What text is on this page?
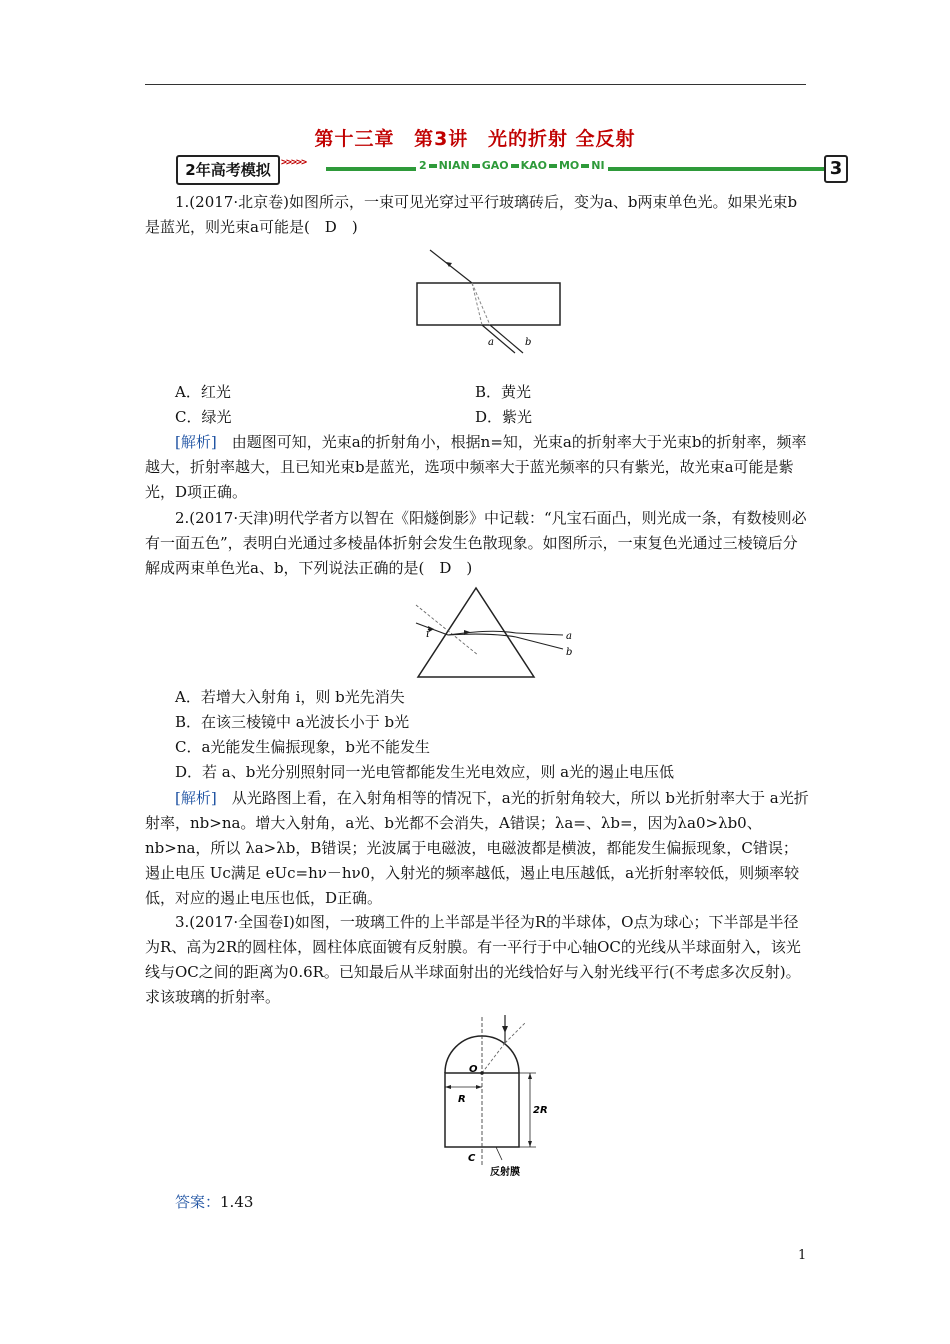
第十三章 第3讲 光的折射 全反射
2年高考模拟	>>>>>	2 NIAN GAO KAO MO NI	3

1.(2017·北京卷)如图所示，一束可见光穿过平行玻璃砖后，变为a、b两束单色光。如果光束b是蓝光，则光束a可能是(　D　)

a	b
A．红光	B．黄光
C．绿光	D．紫光

[解析]　由题图可知，光束a的折射角小，根据n=知，光束a的折射率大于光束b的折射率，频率越大，折射率越大，且已知光束b是蓝光，选项中频率大于蓝光频率的只有紫光，故光束a可能是紫光，D项正确。

2.(2017·天津)明代学者方以智在《阳燧倒影》中记载：“凡宝石面凸，则光成一条，有数棱则必有一面五色”，表明白光通过多棱晶体折射会发生色散现象。如图所示，一束复色光通过三棱镜后分解成两束单色光a、b，下列说法正确的是(　D　)

i	a
b
A．若增大入射角 i，则 b光先消失
B．在该三棱镜中 a光波长小于 b光
C．a光能发生偏振现象，b光不能发生
D．若 a、b光分别照射同一光电管都能发生光电效应，则 a光的遏止电压低

[解析]　从光路图上看，在入射角相等的情况下，a光的折射角较大，所以 b光折射率大于 a光折射率，nb>na。增大入射角，a光、b光都不会消失，A错误；λa=、λb=，因为λa0>λb0、nb>na，所以 λa>λb，B错误；光波属于电磁波，电磁波都是横波，都能发生偏振现象，C错误；遏止电压 Uc满足 eUc=hν－hν0，入射光的频率越低，遏止电压越低，a光折射率较低，则频率较低，对应的遏止电压也低，D正确。

3.(2017·全国卷Ⅰ)如图，一玻璃工件的上半部是半径为R的半球体，O点为球心；下半部是半径为R、高为2R的圆柱体，圆柱体底面镀有反射膜。有一平行于中心轴OC的光线从半球面射入，该光线与OC之间的距离为0.6R。已知最后从半球面射出的光线恰好与入射光线平行(不考虑多次反射)。求该玻璃的折射率。

O
R
2R
C
反射膜
答案：1.43
1
